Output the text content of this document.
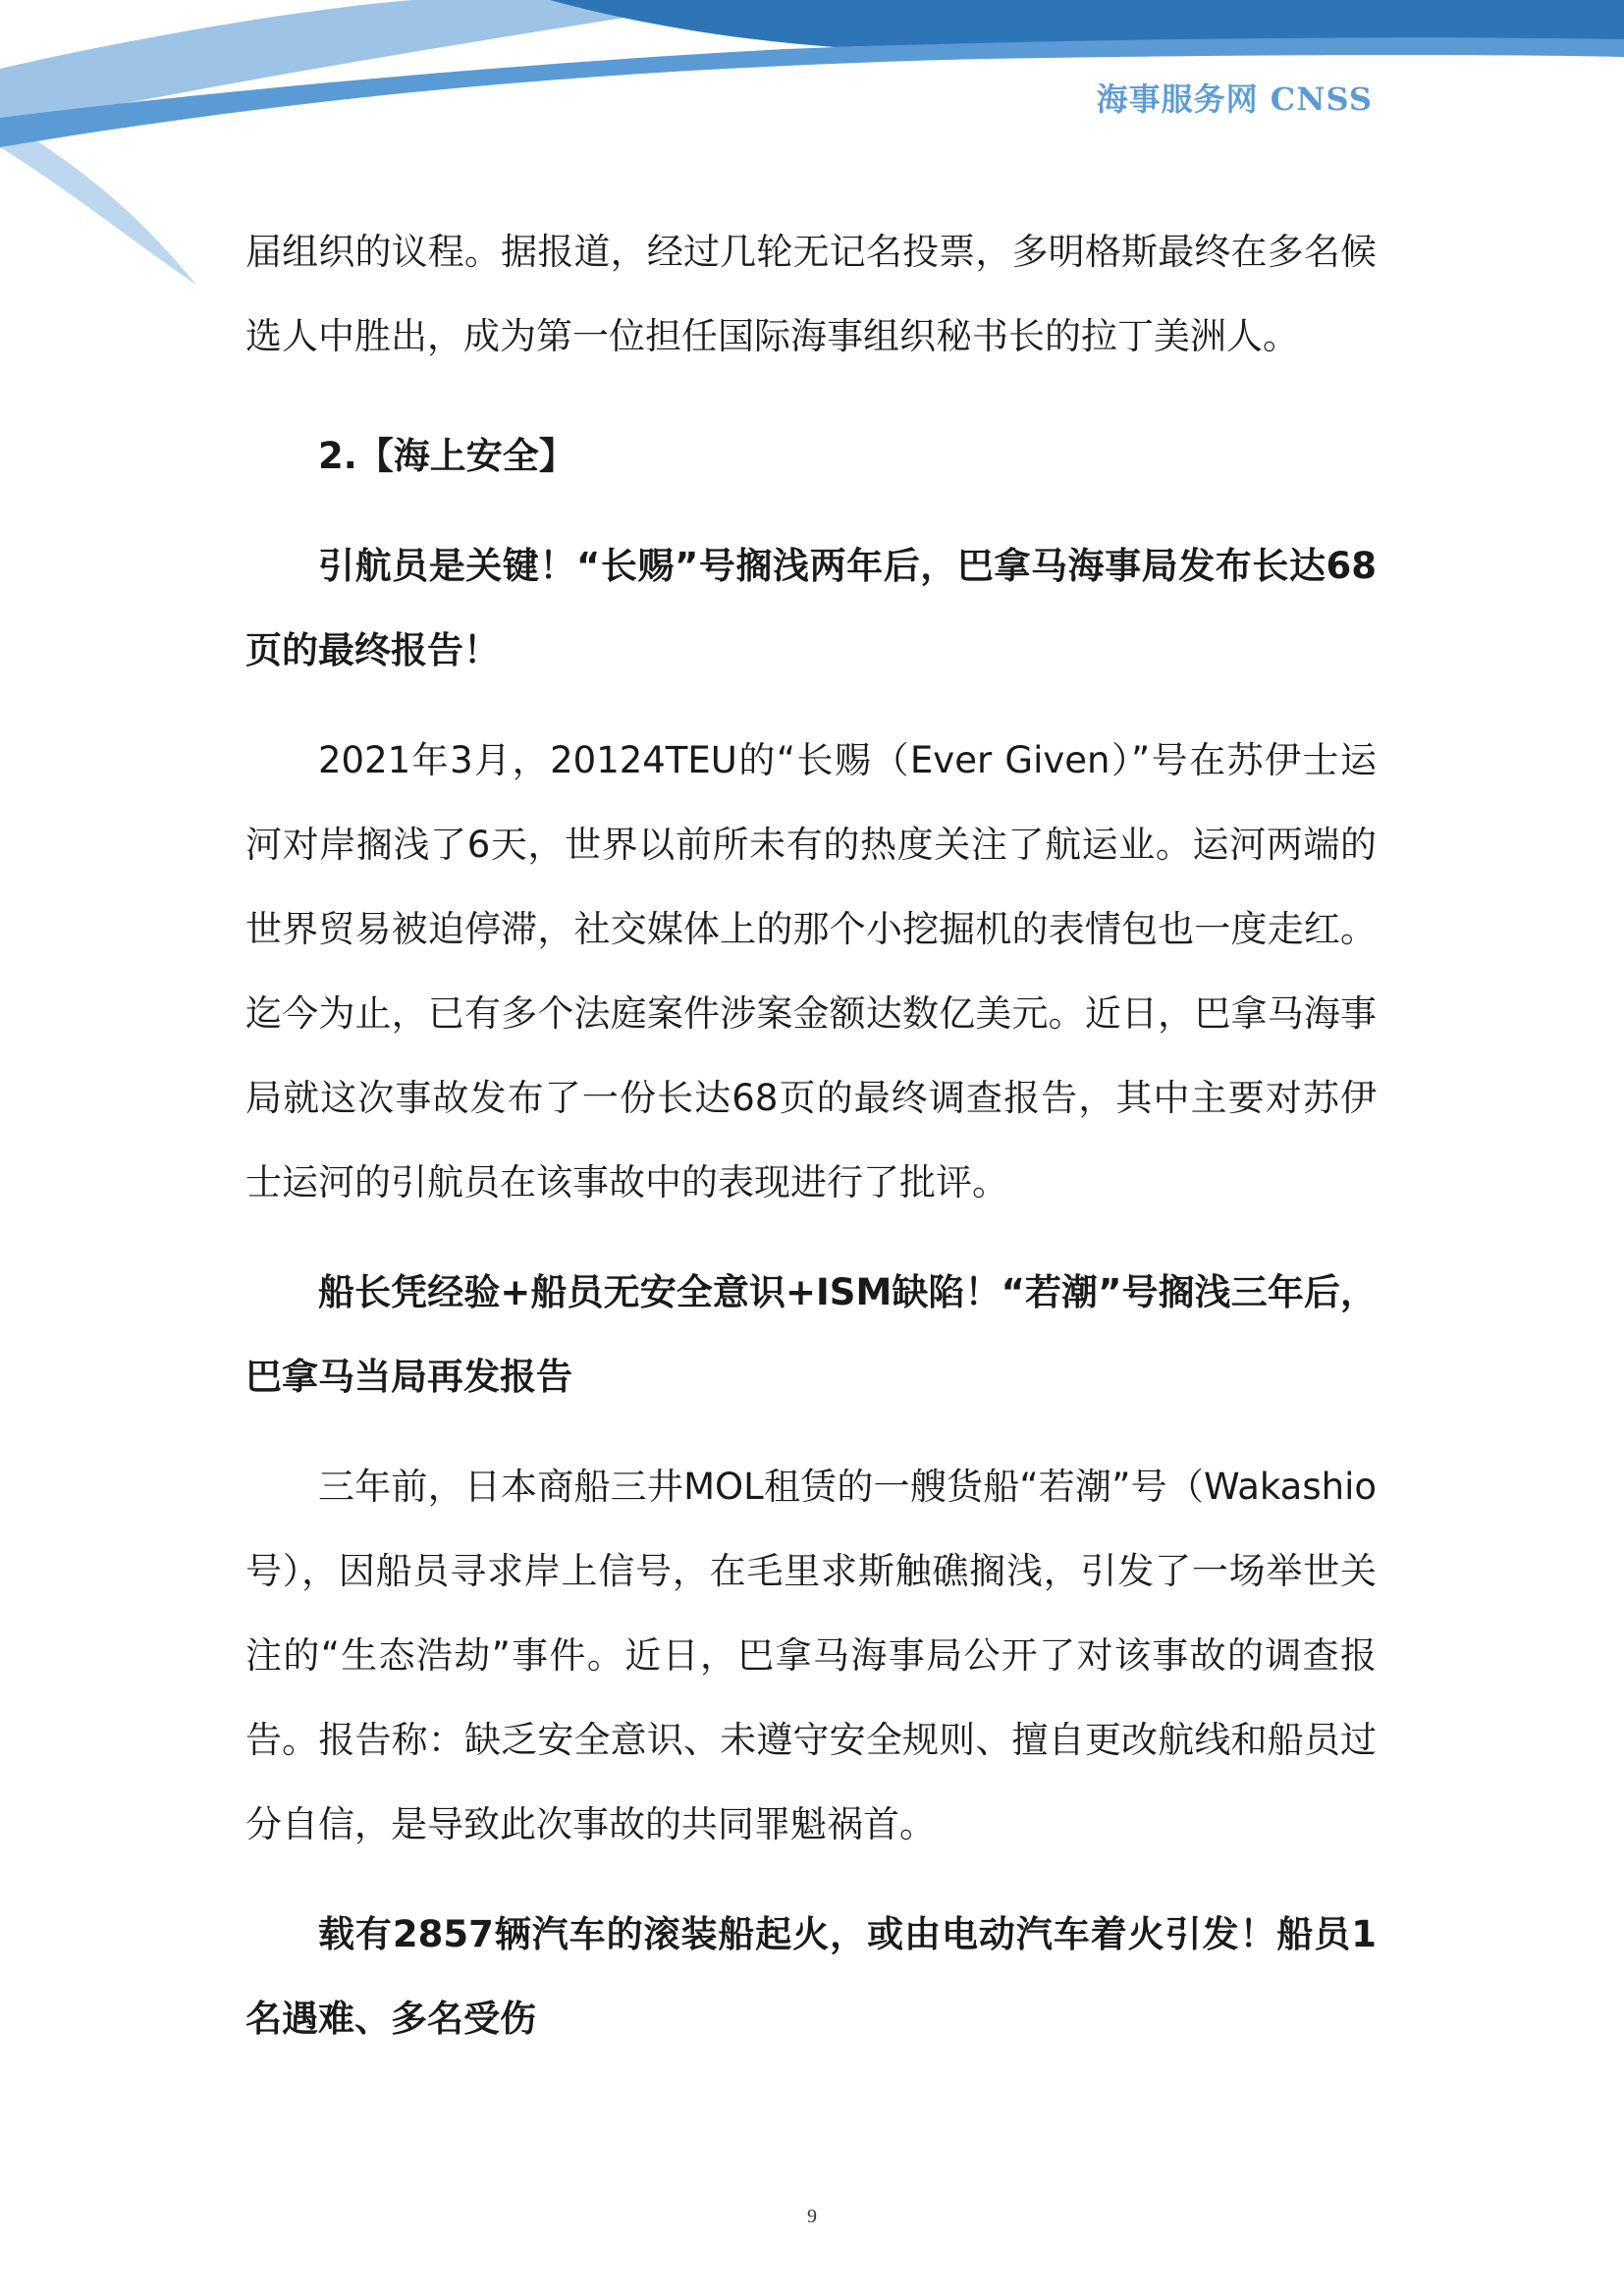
海事服务网 CNSS

届组织的议程。据报道，经过几轮无记名投票，多明格斯最终在多名候选人中胜出，成为第一位担任国际海事组织秘书长的拉丁美洲人。

2.【海上安全】

引航员是关键！“长赐”号搁浅两年后，巴拿马海事局发布长达68页的最终报告！

2021年3月，20124TEU的“长赐（Ever Given）”号在苏伊士运河对岸搁浅了6天，世界以前所未有的热度关注了航运业。运河两端的世界贸易被迫停滞，社交媒体上的那个小挖掘机的表情包也一度走红。迄今为止，已有多个法庭案件涉案金额达数亿美元。近日，巴拿马海事局就这次事故发布了一份长达68页的最终调查报告，其中主要对苏伊士运河的引航员在该事故中的表现进行了批评。

船长凭经验+船员无安全意识+ISM缺陷！“若潮”号搁浅三年后，巴拿马当局再发报告

三年前，日本商船三井MOL租赁的一艘货船“若潮”号（Wakashio号），因船员寻求岸上信号，在毛里求斯触礁搁浅，引发了一场举世关注的“生态浩劫”事件。近日，巴拿马海事局公开了对该事故的调查报告。报告称：缺乏安全意识、未遵守安全规则、擅自更改航线和船员过分自信，是导致此次事故的共同罪魁祸首。

载有2857辆汽车的滚装船起火，或由电动汽车着火引发！船员1名遇难、多名受伤

9
